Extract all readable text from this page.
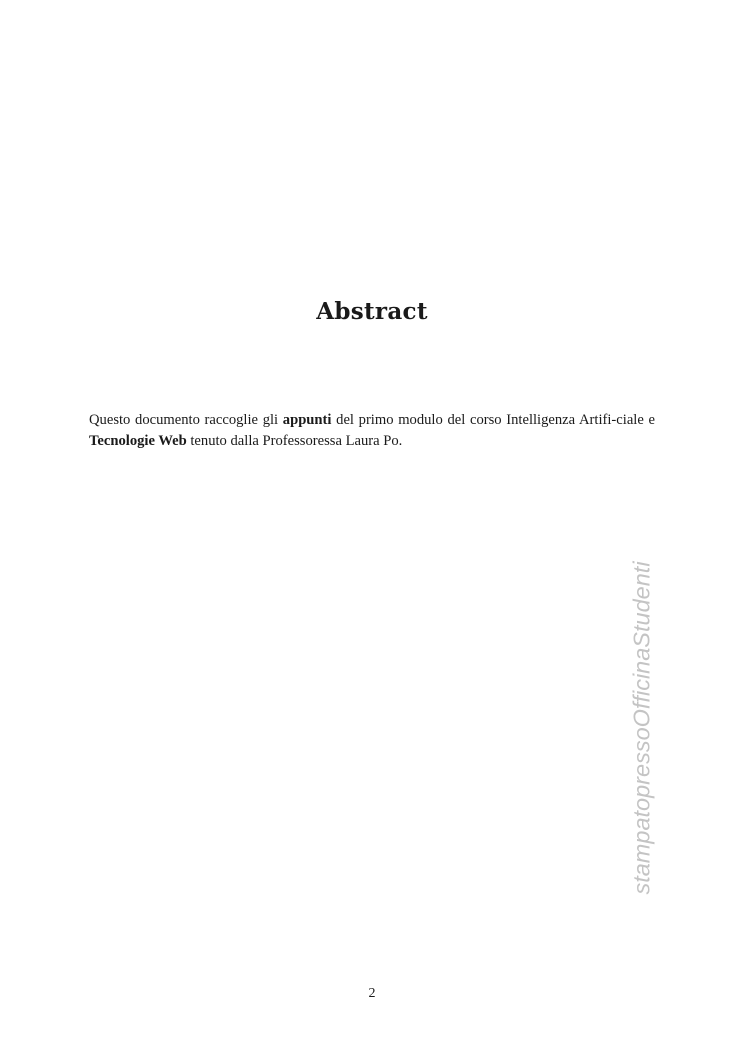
Abstract

Questo documento raccoglie gli appunti del primo modulo del corso Intelligenza Artifi-ciale e Tecnologie Web tenuto dalla Professoressa Laura Po.

stampatopressoOfficinaStudenti
2
